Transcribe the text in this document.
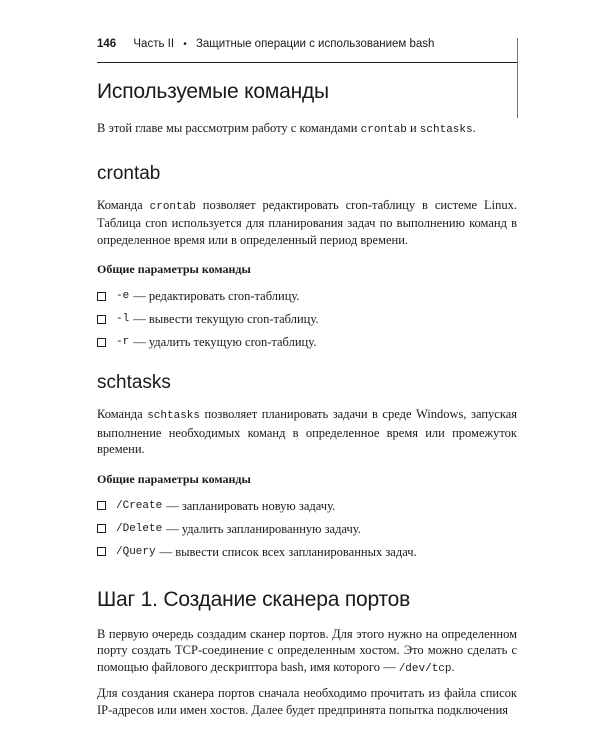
146 Часть II • Защитные операции с использованием bash
Используемые команды

В этой главе мы рассмотрим работу с командами crontab и schtasks.

crontab

Команда crontab позволяет редактировать cron-таблицу в системе Linux. Таблица cron используется для планирования задач по выполнению команд в определенное время или в определенный период времени.

Общие параметры команды
-e — редактировать cron-таблицу.
-l — вывести текущую cron-таблицу.
-r — удалить текущую cron-таблицу.
schtasks

Команда schtasks позволяет планировать задачи в среде Windows, запуская выполнение необходимых команд в определенное время или промежуток времени.

Общие параметры команды
/Create — запланировать новую задачу.
/Delete — удалить запланированную задачу.
/Query — вывести список всех запланированных задач.
Шаг 1. Создание сканера портов

В первую очередь создадим сканер портов. Для этого нужно на определенном порту создать TCP-соединение с определенным хостом. Это можно сделать с помощью файлового дескриптора bash, имя которого — /dev/tcp.

Для создания сканера портов сначала необходимо прочитать из файла список IP-адресов или имен хостов. Далее будет предпринята попытка подключения
